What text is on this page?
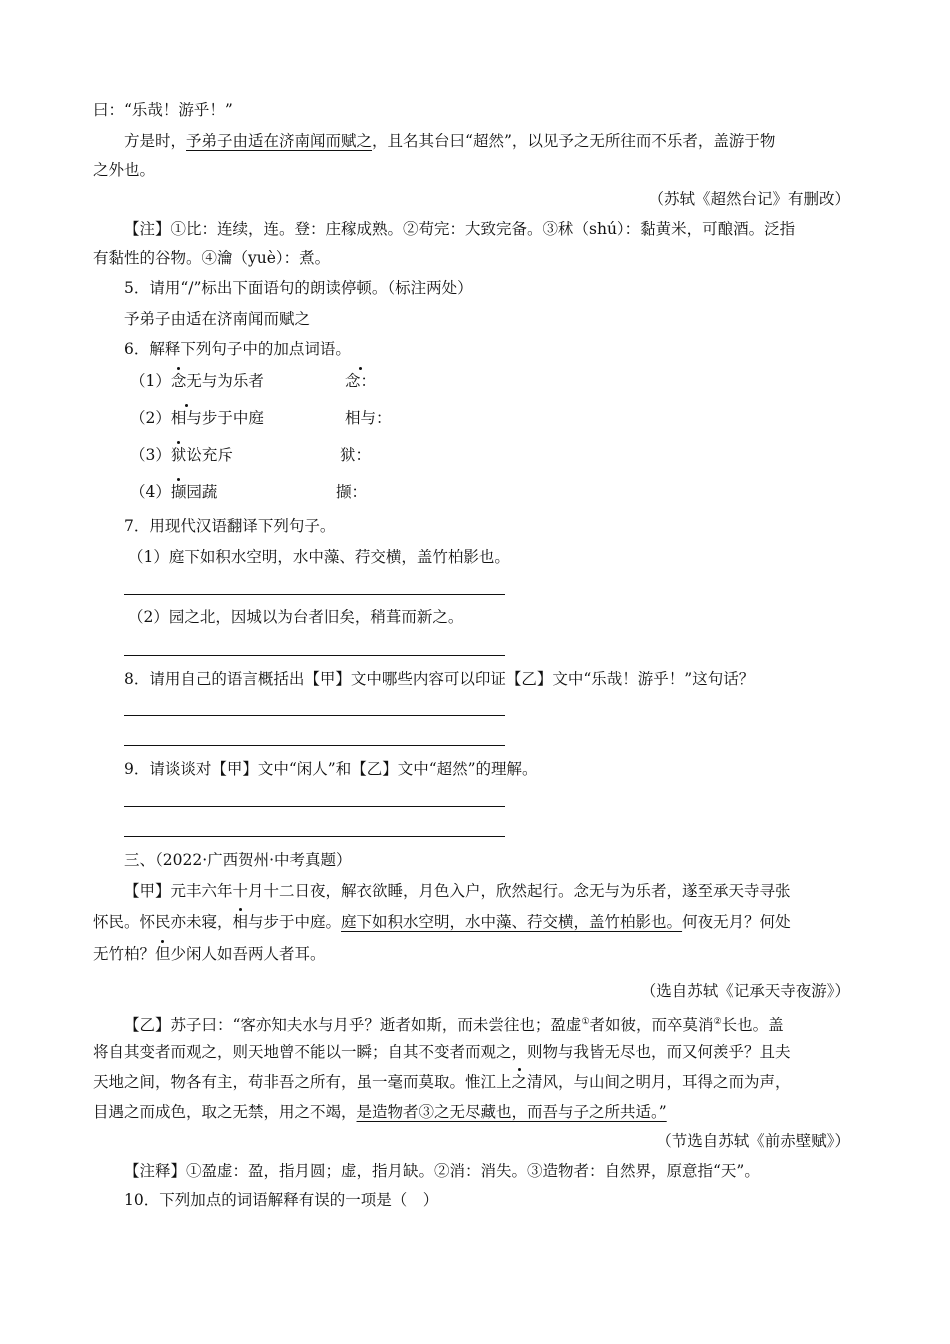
曰：“乐哉！游乎！”
方是时，予弟子由适在济南闻而赋之，且名其台曰“超然”，以见予之无所往而不乐者，盖游于物
之外也。
（苏轼《超然台记》有删改）
【注】①比：连续，连。登：庄稼成熟。②苟完：大致完备。③秫（shú）：黏黄米，可酿酒。泛指
有黏性的谷物。④瀹（yuè）：煮。
5．请用“/”标出下面语句的朗读停顿。（标注两处）
予弟子由适在济南闻而赋之
6．解释下列句子中的加点词语。
（1）念无与为乐者	念：
（2）相与步于中庭	相与：
（3）狱讼充斥	狱：
（4）撷园蔬	撷：
7．用现代汉语翻译下列句子。
（1）庭下如积水空明，水中藻、荇交横，盖竹柏影也。
（2）园之北，因城以为台者旧矣，稍葺而新之。
8．请用自己的语言概括出【甲】文中哪些内容可以印证【乙】文中“乐哉！游乎！”这句话？
9．请谈谈对【甲】文中“闲人”和【乙】文中“超然”的理解。
三、（2022·广西贺州·中考真题）
【甲】元丰六年十月十二日夜，解衣欲睡，月色入户，欣然起行。念无与为乐者，遂至承天寺寻张
怀民。怀民亦未寝，相与步于中庭。庭下如积水空明，水中藻、荇交横，盖竹柏影也。何夜无月？何处
无竹柏？但少闲人如吾两人者耳。
（选自苏轼《记承天寺夜游》）
【乙】苏子曰：“客亦知夫水与月乎？逝者如斯，而未尝往也；盈虚①者如彼，而卒莫消②长也。盖
将自其变者而观之，则天地曾不能以一瞬；自其不变者而观之，则物与我皆无尽也，而又何羡乎？且夫
天地之间，物各有主，苟非吾之所有，虽一毫而莫取。惟江上之清风，与山间之明月，耳得之而为声，
目遇之而成色，取之无禁，用之不竭，是造物者③之无尽藏也，而吾与子之所共适。”
（节选自苏轼《前赤壁赋》）
【注释】①盈虚：盈，指月圆；虚，指月缺。②消：消失。③造物者：自然界，原意指“天”。
10．下列加点的词语解释有误的一项是（　）
